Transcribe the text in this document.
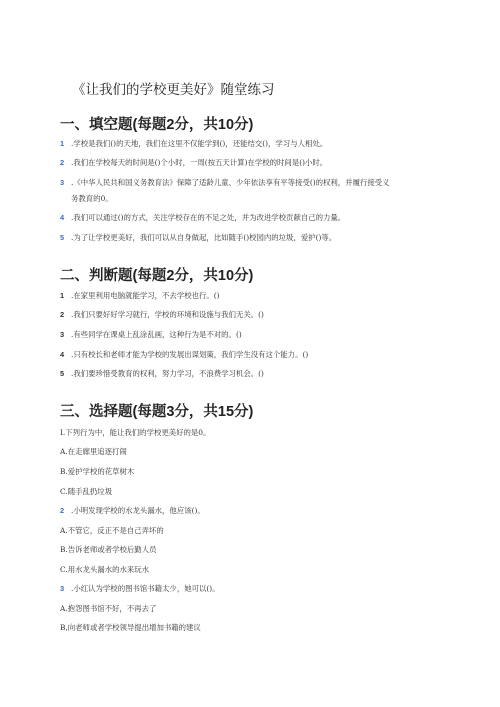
《让我们的学校更美好》随堂练习
一、填空题(每题2分，共10分)
1 .学校是我们()的天地，我们在这里不仅能学到()，还能结交()，学习与人相处。
2 .我们在学校每天的时间是()个小时，一周(按五天计算)在学校的时间是()小时。
3 .《中华人民共和国义务教育法》保障了适龄儿童、少年依法享有平等接受()的权利，并履行接受义
务教育的0。
4 .我们可以通过()的方式，关注学校存在的不足之处，并为改进学校贡献自己的力量。
5 .为了让学校更美好，我们可以从自身做起，比如随手()校园内的垃圾，爱护()等。
二、判断题(每题2分，共10分)
1 .在家里利用电脑就能学习，不去学校也行。()
2 .我们只要好好学习就行，学校的环境和设施与我们无关。()
3 .有些同学在课桌上乱涂乱画，这种行为是不对的。()
4 .只有校长和老师才能为学校的发展出谋划策，我们学生没有这个能力。()
5 .我们要珍惜受教育的权利，努力学习，不浪费学习机会。()
三、选择题(每题3分，共15分)
I.下列行为中，能让我们的学校更美好的是0。
A.在走廊里追逐打闹
B.爱护学校的花草树木
C.随手乱扔垃圾
2 .小明发现学校的水龙头漏水，他应该()。
A.不管它，反正不是自己弄坏的
B.告诉老师或者学校后勤人员
C.用水龙头漏水的水来玩水
3 .小红认为学校的图书馆书籍太少，她可以()。
A.抱怨图书馆不好，不再去了
B,向老师或者学校领导提出增加书籍的建议
